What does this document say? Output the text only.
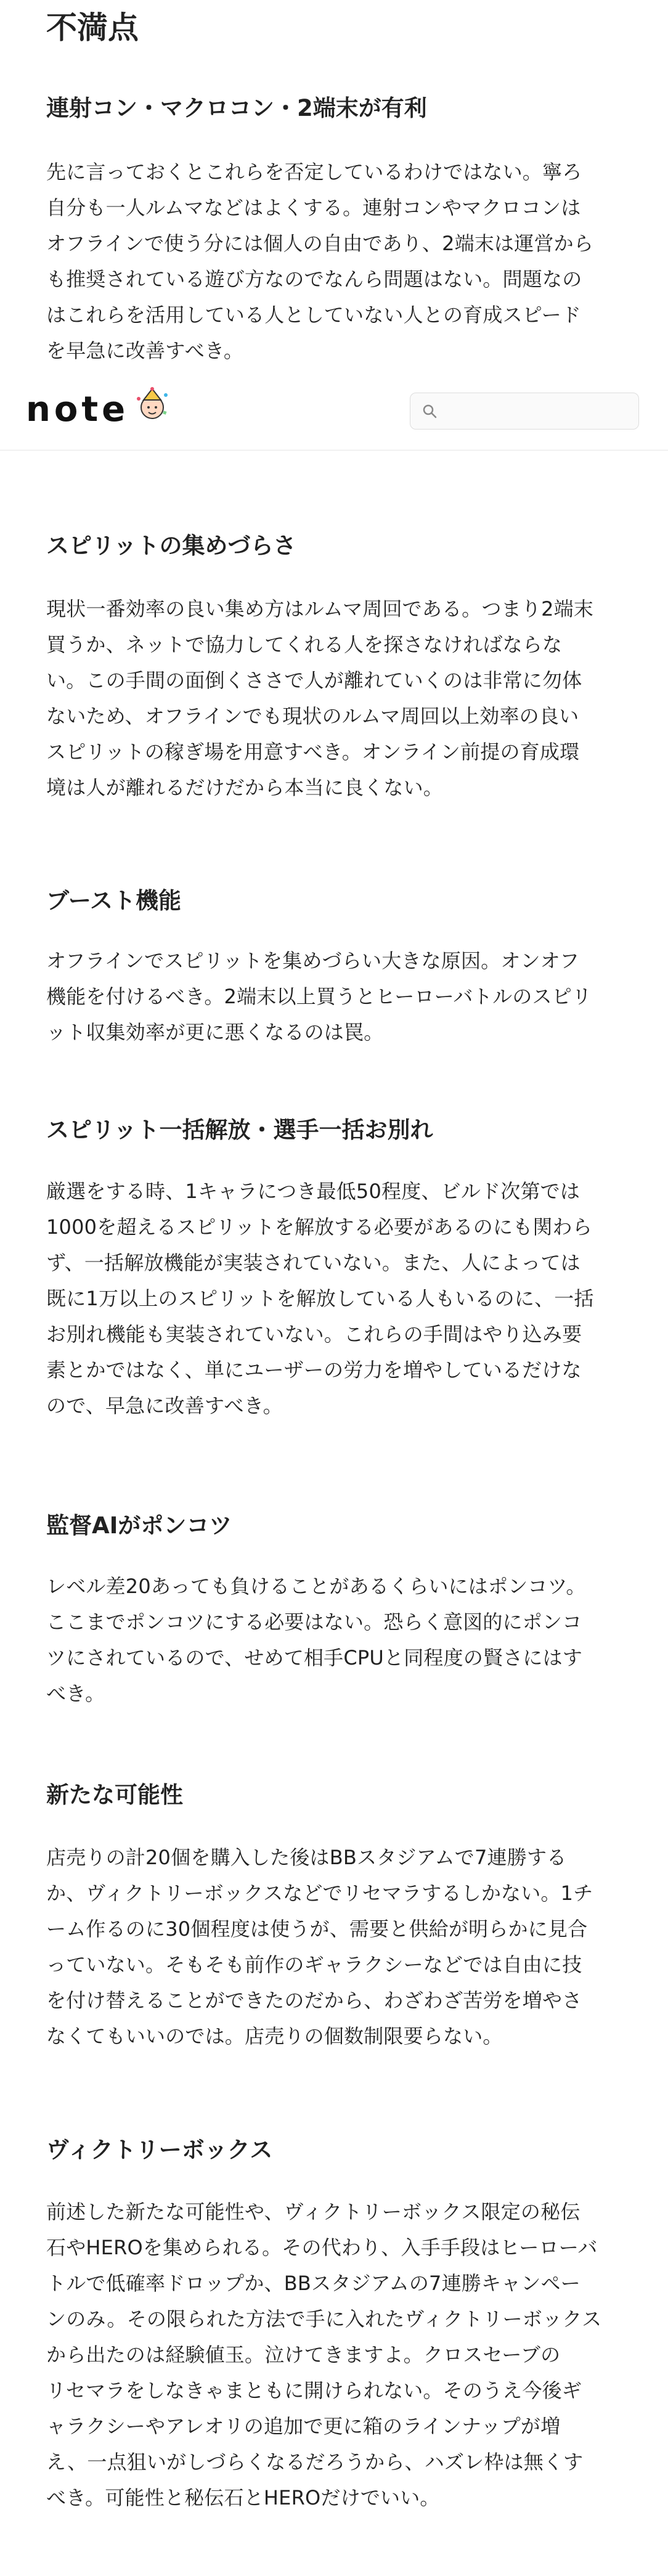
不満点
連射コン・マクロコン・2端末が有利

先に言っておくとこれらを否定しているわけではない。寧ろ
自分も一人ルムマなどはよくする。連射コンやマクロコンは
オフラインで使う分には個人の自由であり、2端末は運営から
も推奨されている遊び方なのでなんら問題はない。問題なの
はこれらを活用している人としていない人との育成スピード
を早急に改善すべき。

スピリットの集めづらさ

現状一番効率の良い集め方はルムマ周回である。つまり2端末
買うか、ネットで協力してくれる人を探さなければならな
い。この手間の面倒くささで人が離れていくのは非常に勿体
ないため、オフラインでも現状のルムマ周回以上効率の良い
スピリットの稼ぎ場を用意すべき。オンライン前提の育成環
境は人が離れるだけだから本当に良くない。

ブースト機能

オフラインでスピリットを集めづらい大きな原因。オンオフ
機能を付けるべき。2端末以上買うとヒーローバトルのスピリ
ット収集効率が更に悪くなるのは罠。

スピリット一括解放・選手一括お別れ

厳選をする時、1キャラにつき最低50程度、ビルド次第では
1000を超えるスピリットを解放する必要があるのにも関わら
ず、一括解放機能が実装されていない。また、人によっては
既に1万以上のスピリットを解放している人もいるのに、一括
お別れ機能も実装されていない。これらの手間はやり込み要
素とかではなく、単にユーザーの労力を増やしているだけな
ので、早急に改善すべき。

監督AIがポンコツ

レベル差20あっても負けることがあるくらいにはポンコツ。
ここまでポンコツにする必要はない。恐らく意図的にポンコ
ツにされているので、せめて相手CPUと同程度の賢さにはす
べき。

新たな可能性

店売りの計20個を購入した後はBBスタジアムで7連勝する
か、ヴィクトリーボックスなどでリセマラするしかない。1チ
ーム作るのに30個程度は使うが、需要と供給が明らかに見合
っていない。そもそも前作のギャラクシーなどでは自由に技
を付け替えることができたのだから、わざわざ苦労を増やさ
なくてもいいのでは。店売りの個数制限要らない。

ヴィクトリーボックス

前述した新たな可能性や、ヴィクトリーボックス限定の秘伝
石やHEROを集められる。その代わり、入手手段はヒーローバ
トルで低確率ドロップか、BBスタジアムの7連勝キャンペー
ンのみ。その限られた方法で手に入れたヴィクトリーボックス
から出たのは経験値玉。泣けてきますよ。クロスセーブの
リセマラをしなきゃまともに開けられない。そのうえ今後ギ
ャラクシーやアレオリの追加で更に箱のラインナップが増
え、一点狙いがしづらくなるだろうから、ハズレ枠は無くす
べき。可能性と秘伝石とHEROだけでいい。

note
